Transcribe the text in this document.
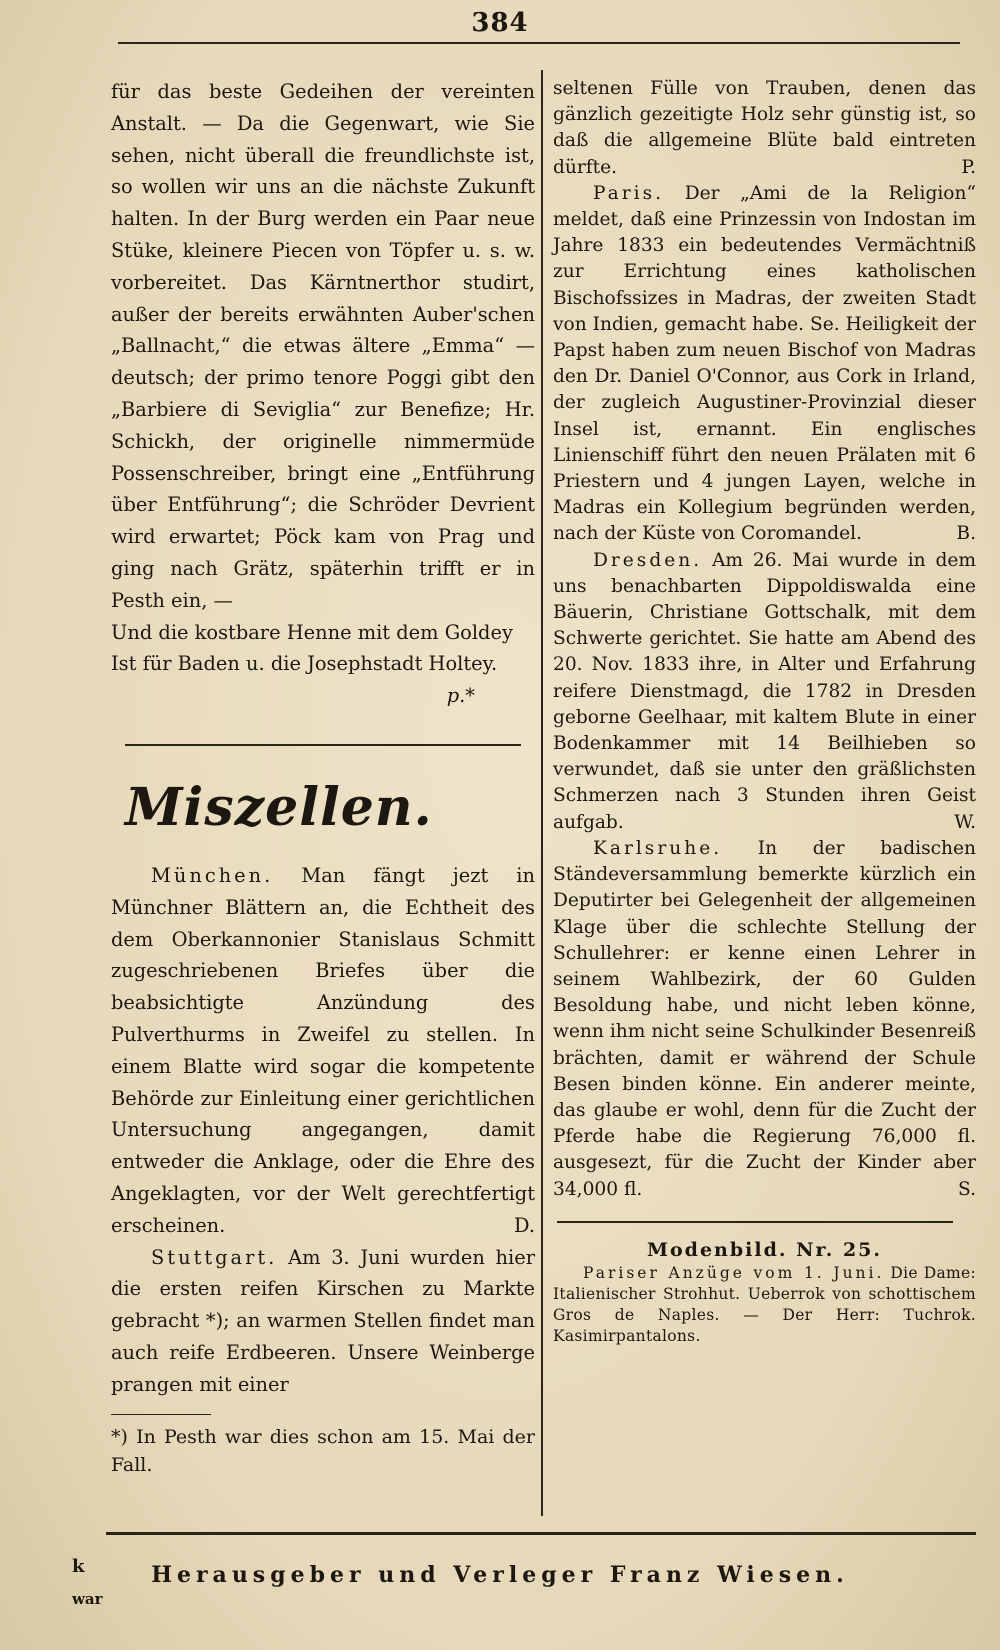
384

für das beste Gedeihen der vereinten Anstalt. — Da die Gegenwart, wie Sie sehen, nicht überall die freundlichste ist, so wollen wir uns an die nächste Zukunft halten. In der Burg werden ein Paar neue Stüke, kleinere Piecen von Töpfer u. s. w. vorbereitet. Das Kärntnerthor studirt, außer der bereits erwähnten Auber'schen „Ballnacht,“ die etwas ältere „Emma“ — deutsch; der primo tenore Poggi gibt den „Barbiere di Seviglia“ zur Benefize; Hr. Schickh, der originelle nimmermüde Possenschreiber, bringt eine „Entführung über Entführung“; die Schröder Devrient wird erwartet; Pöck kam von Prag und ging nach Grätz, späterhin trifft er in Pesth ein, —

Und die kostbare Henne mit dem Goldey

Ist für Baden u. die Josephstadt Holtey.

p.*
Miszellen.

München. Man fängt jezt in Münchner Blättern an, die Echtheit des dem Oberkannonier Stanislaus Schmitt zugeschriebenen Briefes über die beabsichtigte Anzündung des Pulverthurms in Zweifel zu stellen. In einem Blatte wird sogar die kompetente Behörde zur Einleitung einer gerichtlichen Untersuchung angegangen, damit entweder die Anklage, oder die Ehre des Angeklagten, vor der Welt gerechtfertigt erscheinen.	D.

Stuttgart. Am 3. Juni wurden hier die ersten reifen Kirschen zu Markte gebracht *); an warmen Stellen findet man auch reife Erdbeeren. Unsere Weinberge prangen mit einer

*) In Pesth war dies schon am 15. Mai der Fall.

seltenen Fülle von Trauben, denen das gänzlich gezeitigte Holz sehr günstig ist, so daß die allgemeine Blüte bald eintreten dürfte.	P.

Paris. Der „Ami de la Religion“ meldet, daß eine Prinzessin von Indostan im Jahre 1833 ein bedeutendes Vermächtniß zur Errichtung eines katholischen Bischofssizes in Madras, der zweiten Stadt von Indien, gemacht habe. Se. Heiligkeit der Papst haben zum neuen Bischof von Madras den Dr. Daniel O'Connor, aus Cork in Irland, der zugleich Augustiner-Provinzial dieser Insel ist, ernannt. Ein englisches Linienschiff führt den neuen Prälaten mit 6 Priestern und 4 jungen Layen, welche in Madras ein Kollegium begründen werden, nach der Küste von Coromandel.	B.

Dresden. Am 26. Mai wurde in dem uns benachbarten Dippoldiswalda eine Bäuerin, Christiane Gottschalk, mit dem Schwerte gerichtet. Sie hatte am Abend des 20. Nov. 1833 ihre, in Alter und Erfahrung reifere Dienstmagd, die 1782 in Dresden geborne Geelhaar, mit kaltem Blute in einer Bodenkammer mit 14 Beilhieben so verwundet, daß sie unter den gräßlichsten Schmerzen nach 3 Stunden ihren Geist aufgab.	W.

Karlsruhe. In der badischen Ständeversammlung bemerkte kürzlich ein Deputirter bei Gelegenheit der allgemeinen Klage über die schlechte Stellung der Schullehrer: er kenne einen Lehrer in seinem Wahlbezirk, der 60 Gulden Besoldung habe, und nicht leben könne, wenn ihm nicht seine Schulkinder Besenreiß brächten, damit er während der Schule Besen binden könne. Ein anderer meinte, das glaube er wohl, denn für die Zucht der Pferde habe die Regierung 76,000 fl. ausgesezt, für die Zucht der Kinder aber 34,000 fl.	S.

Modenbild. Nr. 25.
Pariser Anzüge vom 1. Juni. Die Dame: Italienischer Strohhut. Ueberrok von schottischem Gros de Naples. — Der Herr: Tuchrok. Kasimirpantalons.
Herausgeber und Verleger Franz Wiesen.
k
war
